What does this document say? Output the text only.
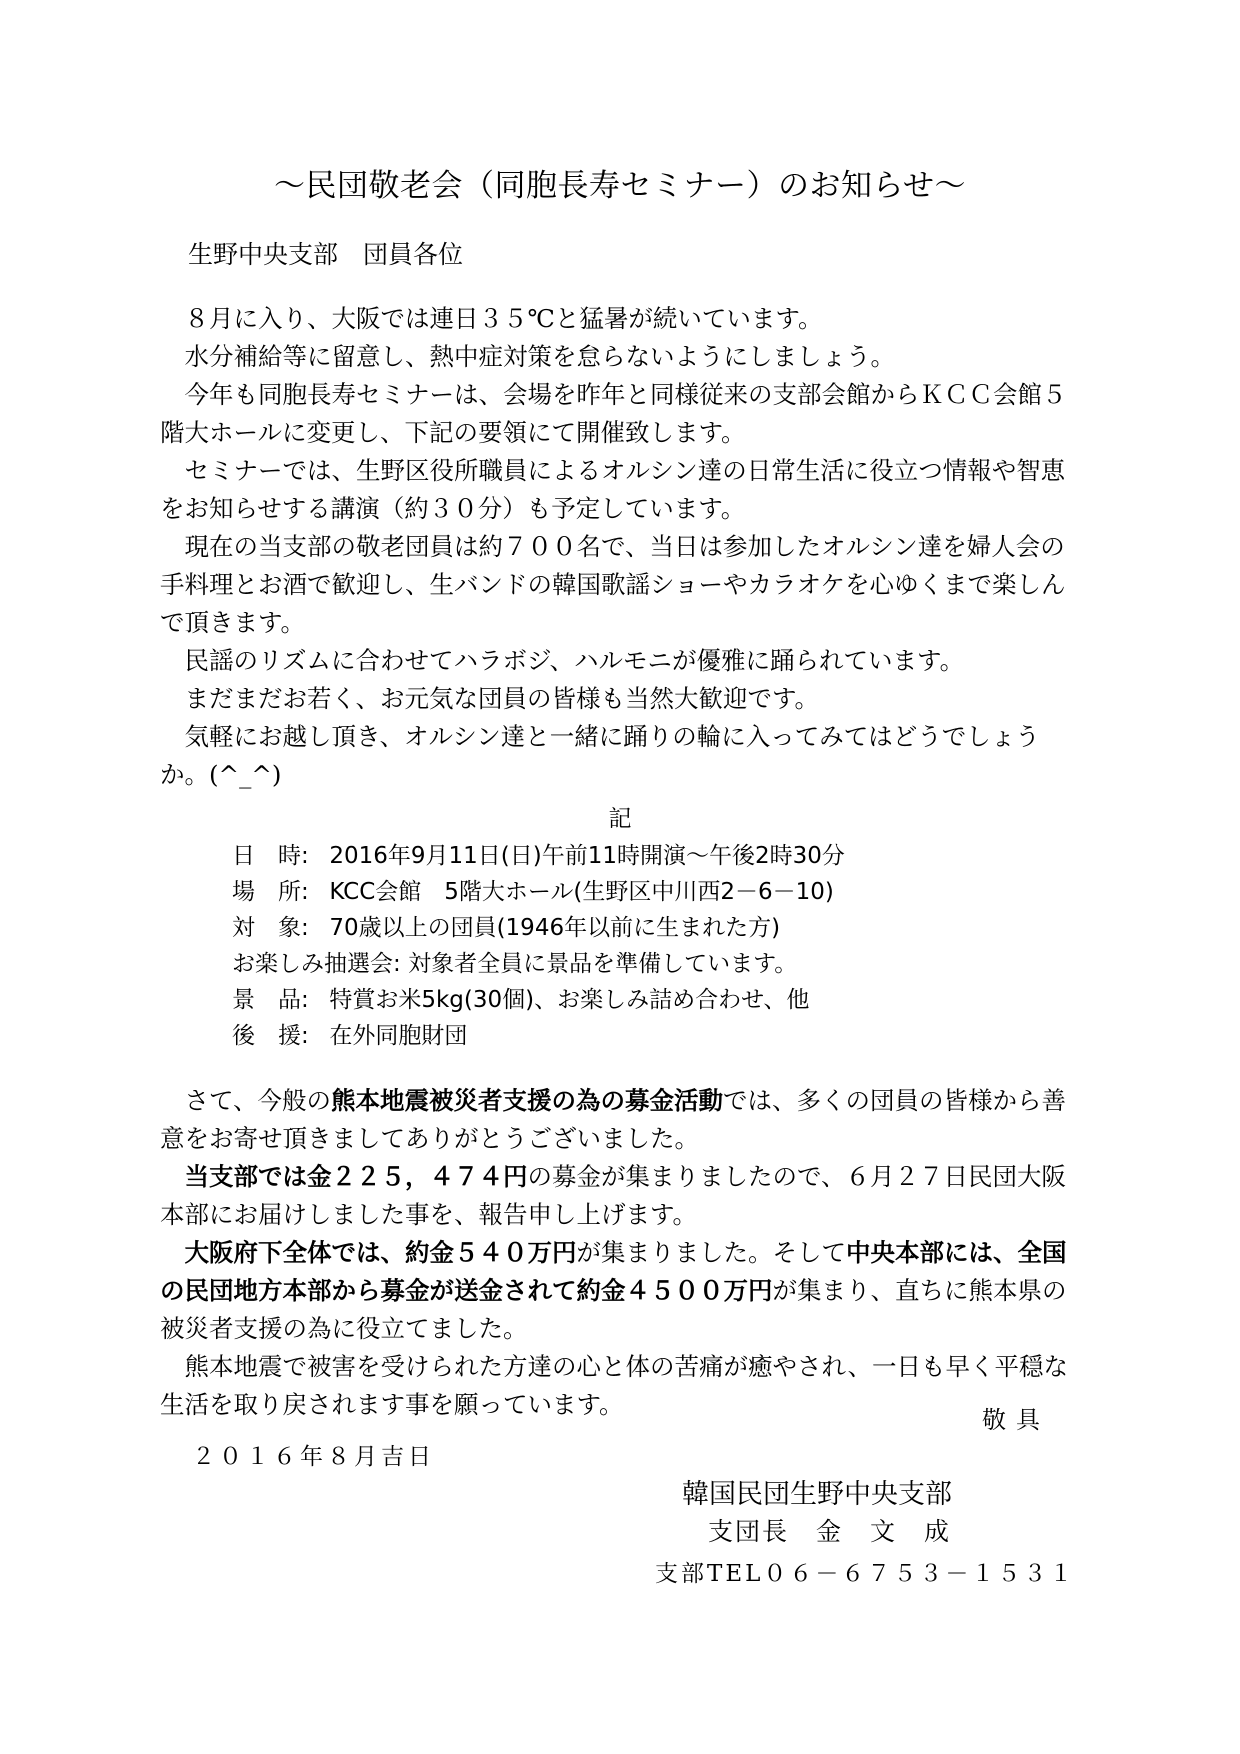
～民団敬老会（同胞長寿セミナー）のお知らせ～
生野中央支部　団員各位

８月に入り、大阪では連日３５℃と猛暑が続いています。

水分補給等に留意し、熱中症対策を怠らないようにしましょう。

今年も同胞長寿セミナーは、会場を昨年と同様従来の支部会館からＫＣＣ会館５階大ホールに変更し、下記の要領にて開催致します。

セミナーでは、生野区役所職員によるオルシン達の日常生活に役立つ情報や智恵をお知らせする講演（約３０分）も予定しています。

現在の当支部の敬老団員は約７００名で、当日は参加したオルシン達を婦人会の手料理とお酒で歓迎し、生バンドの韓国歌謡ショーやカラオケを心ゆくまで楽しんで頂きます。

民謡のリズムに合わせてハラボジ、ハルモニが優雅に踊られています。

まだまだお若く、お元気な団員の皆様も当然大歓迎です。

気軽にお越し頂き、オルシン達と一緒に踊りの輪に入ってみてはどうでしょうか。(^_^)

記
日　時: 2016年9月11日(日)午前11時開演～午後2時30分
場　所: KCC会館　5階大ホール(生野区中川西2－6－10)
対　象: 70歳以上の団員(1946年以前に生まれた方)
お楽しみ抽選会: 対象者全員に景品を準備しています。
景　品: 特賞お米5kg(30個)、お楽しみ詰め合わせ、他
後　援: 在外同胞財団

さて、今般の熊本地震被災者支援の為の募金活動では、多くの団員の皆様から善意をお寄せ頂きましてありがとうございました。

当支部では金２２５，４７４円の募金が集まりましたので、６月２７日民団大阪本部にお届けしました事を、報告申し上げます。

大阪府下全体では、約金５４０万円が集まりました。そして中央本部には、全国の民団地方本部から募金が送金されて約金４５００万円が集まり、直ちに熊本県の被災者支援の為に役立てました。

熊本地震で被害を受けられた方達の心と体の苦痛が癒やされ、一日も早く平穏な生活を取り戻されます事を願っています。

敬具
２０１６年８月吉日
韓国民団生野中央支部
支団長　金　文　成
支部TEL０６－６７５３－１５３１
